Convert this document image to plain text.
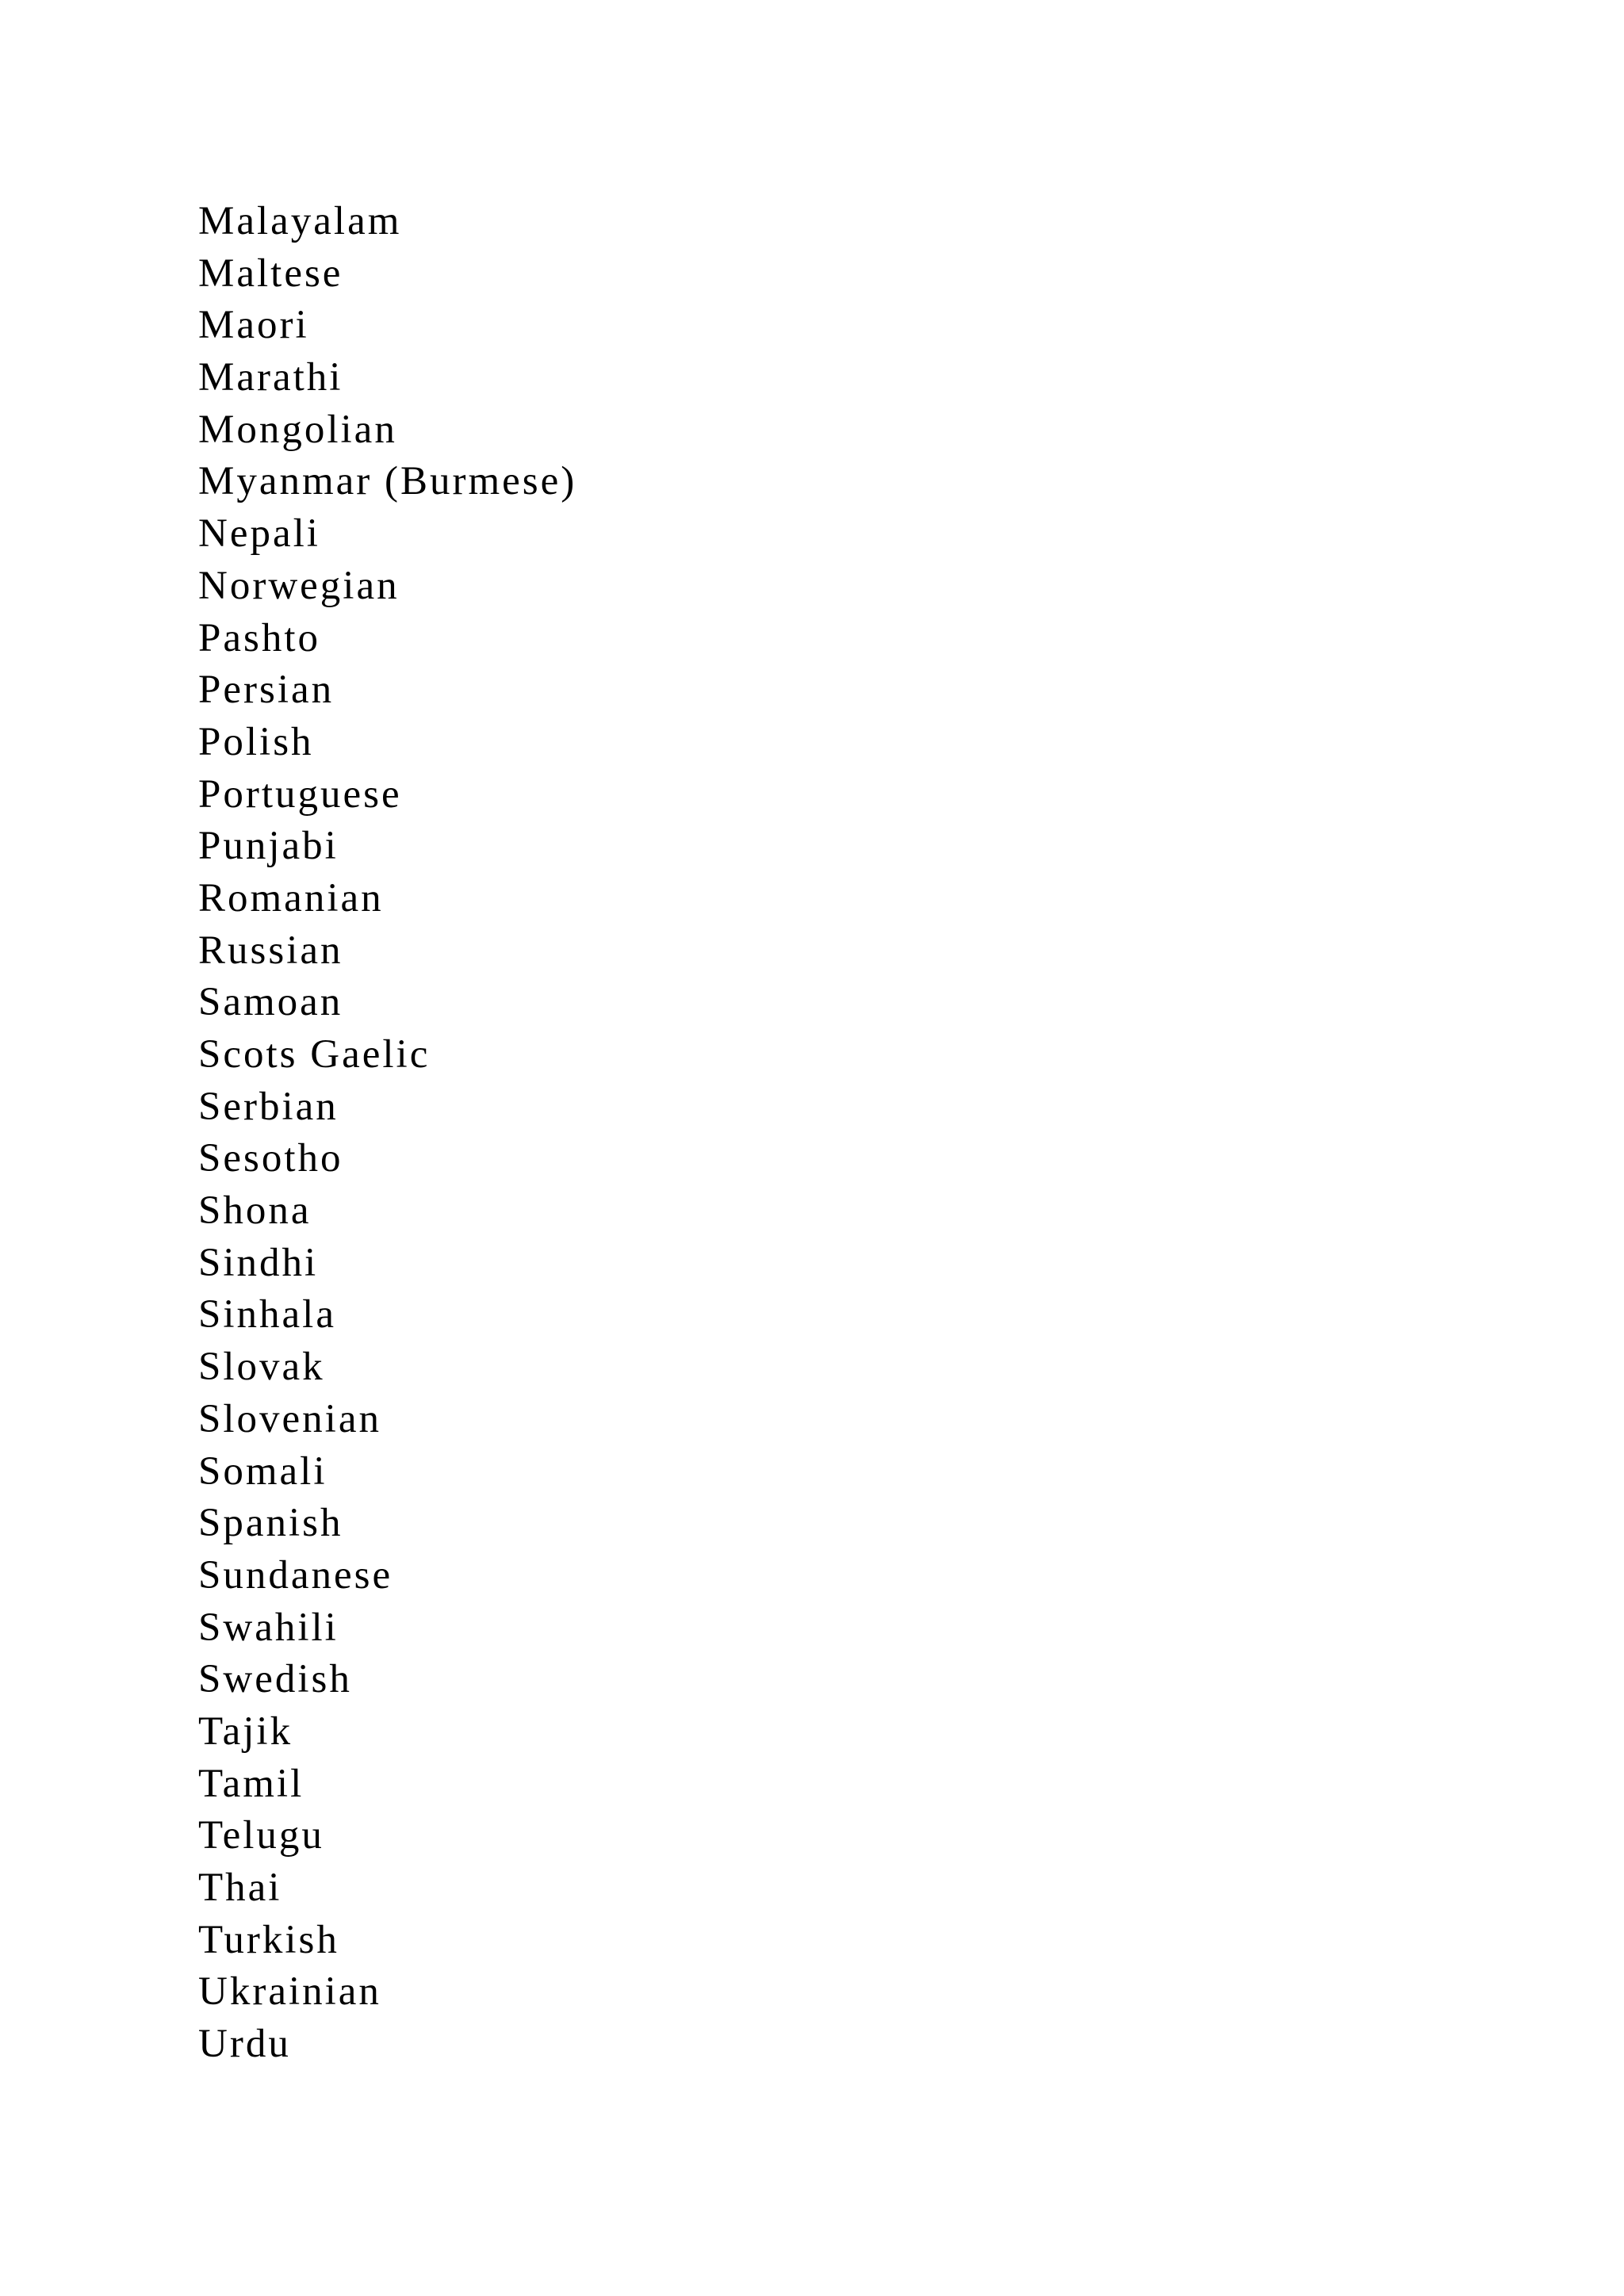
Malayalam
Maltese
Maori
Marathi
Mongolian
Myanmar (Burmese)
Nepali
Norwegian
Pashto
Persian
Polish
Portuguese
Punjabi
Romanian
Russian
Samoan
Scots Gaelic
Serbian
Sesotho
Shona
Sindhi
Sinhala
Slovak
Slovenian
Somali
Spanish
Sundanese
Swahili
Swedish
Tajik
Tamil
Telugu
Thai
Turkish
Ukrainian
Urdu
